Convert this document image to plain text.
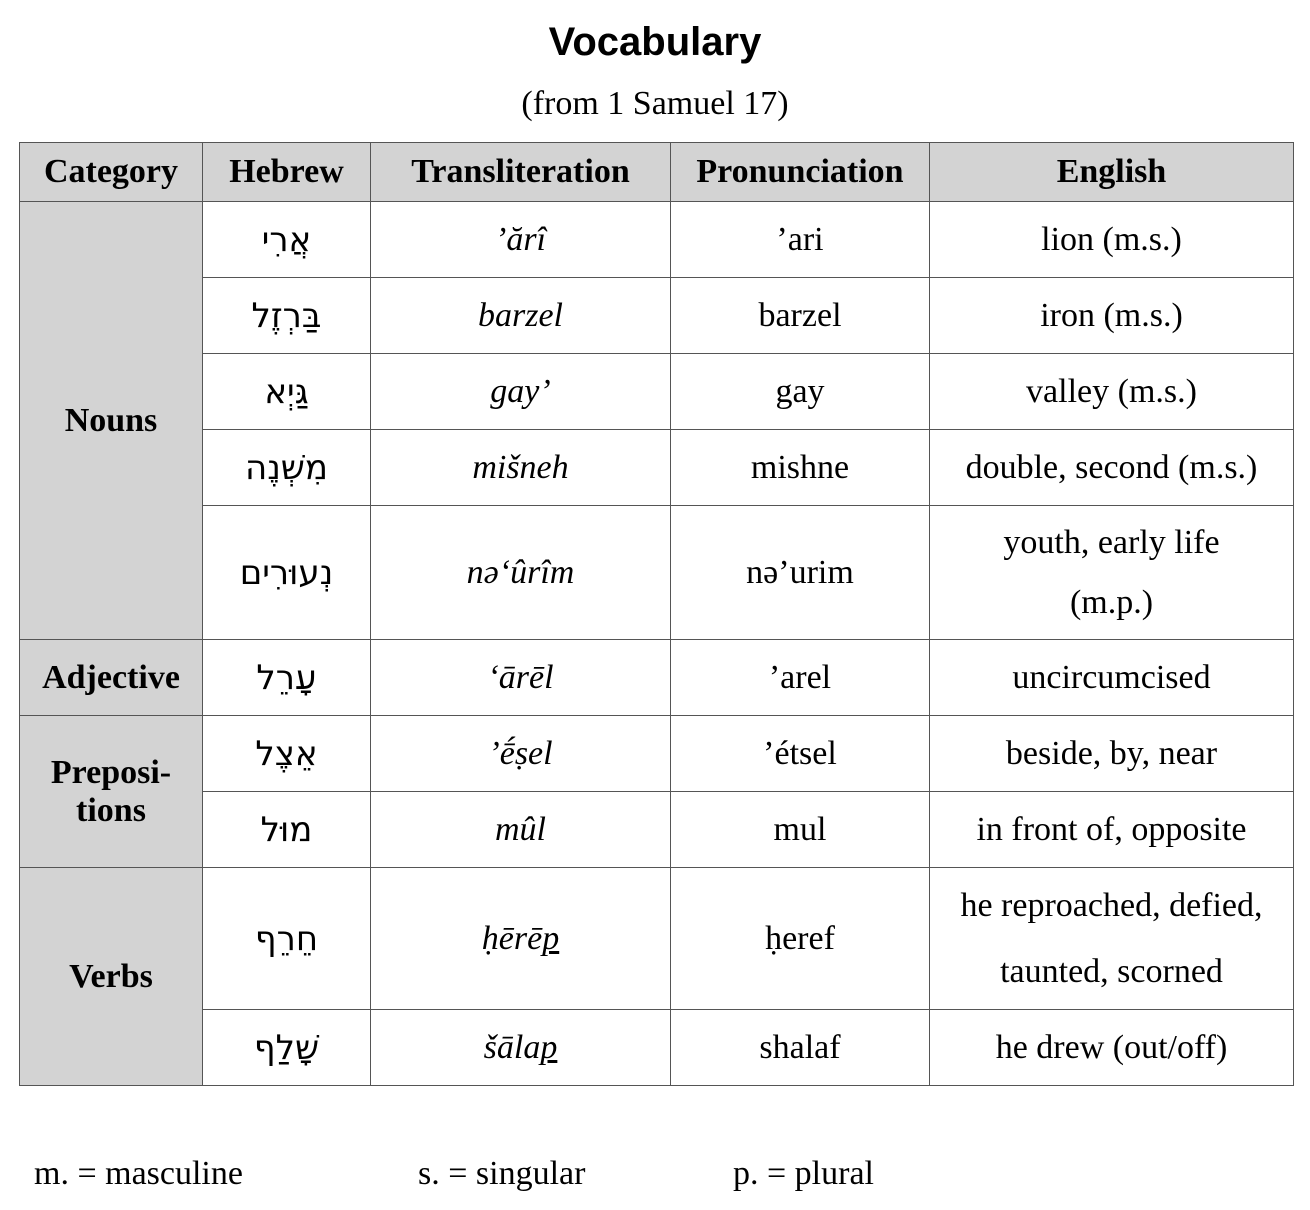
Vocabulary
(from 1 Samuel 17)
Category	Hebrew	Transliteration	Pronunciation	English
Nouns	אֲרִי	’ărî	’ari	lion (m.s.)
	בַּרְזֶל	barzel	barzel	iron (m.s.)
	גַּיְא	gay’	gay	valley (m.s.)
	מִשְׁנֶה	mišneh	mishne	double, second (m.s.)
	נְעוּרִים	nə‘ûrîm	nə’urim	youth, early life
(m.p.)
Adjective	עָרֵל	‘ārēl	’arel	uncircumcised
Preposi-
tions	אֵצֶל	’ḗṣel	’étsel	beside, by, near
	מוּל	mûl	mul	in front of, opposite
Verbs	חֵרֵף	ḥērēp	ḥeref	he reproached, defied,
taunted, scorned
	שָׁלַף	šālap	shalaf	he drew (out/off)
m. = masculine	s. = singular	p. = plural
